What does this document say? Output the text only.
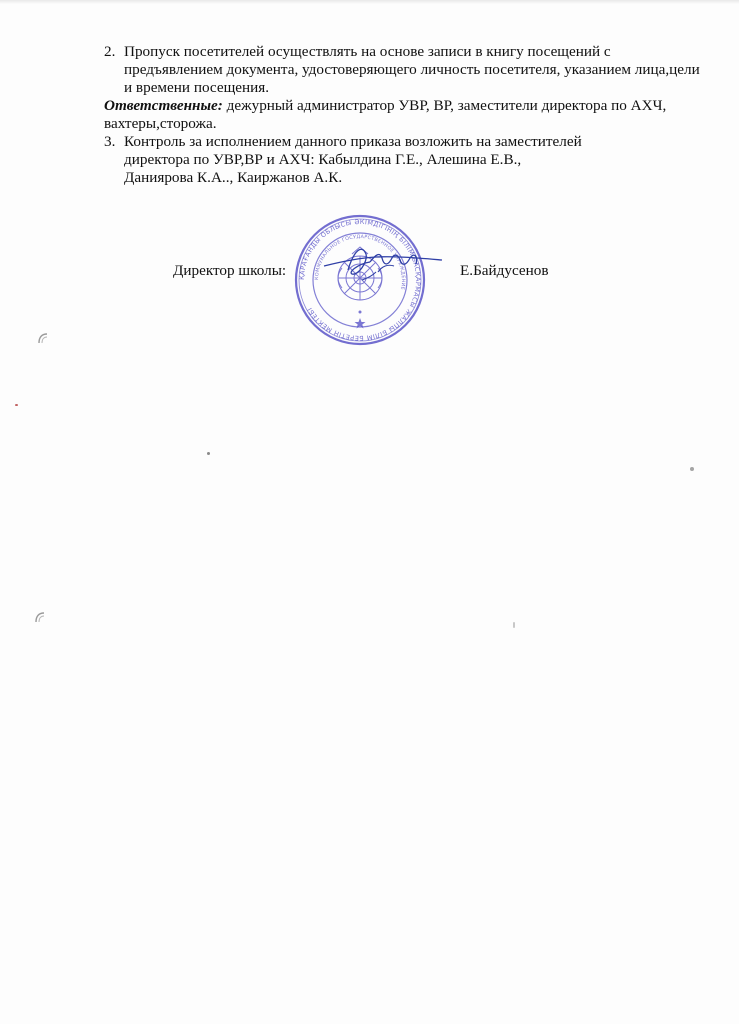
2. Пропуск посетителей осуществлять на основе записи в книгу посещений с предъявлением документа, удостоверяющего личность посетителя, указанием лица,цели и времени посещения.

Ответственные: дежурный администратор УВР, ВР, заместители директора по АХЧ, вахтеры,сторожа.

3. Контроль за исполнением данного приказа возложить на заместителей
директора по УВР,ВР и АХЧ: Кабылдина Г.Е., Алешина Е.В.,
Даниярова К.А.., Каиржанов А.К.
ҚАРАҒАНДЫ ОБЛЫСЫ ӘКІМДІГІНІҢ БІЛІМ БАСҚАРМАСЫ ЖАЛПЫ БІЛІМ БЕРЕТІН МЕКТЕБІ
КОММУНАЛЬНОЕ ГОСУДАРСТВЕННОЕ УЧРЕЖДЕНИЕ
Директор школы:	Е.Байдусенов
